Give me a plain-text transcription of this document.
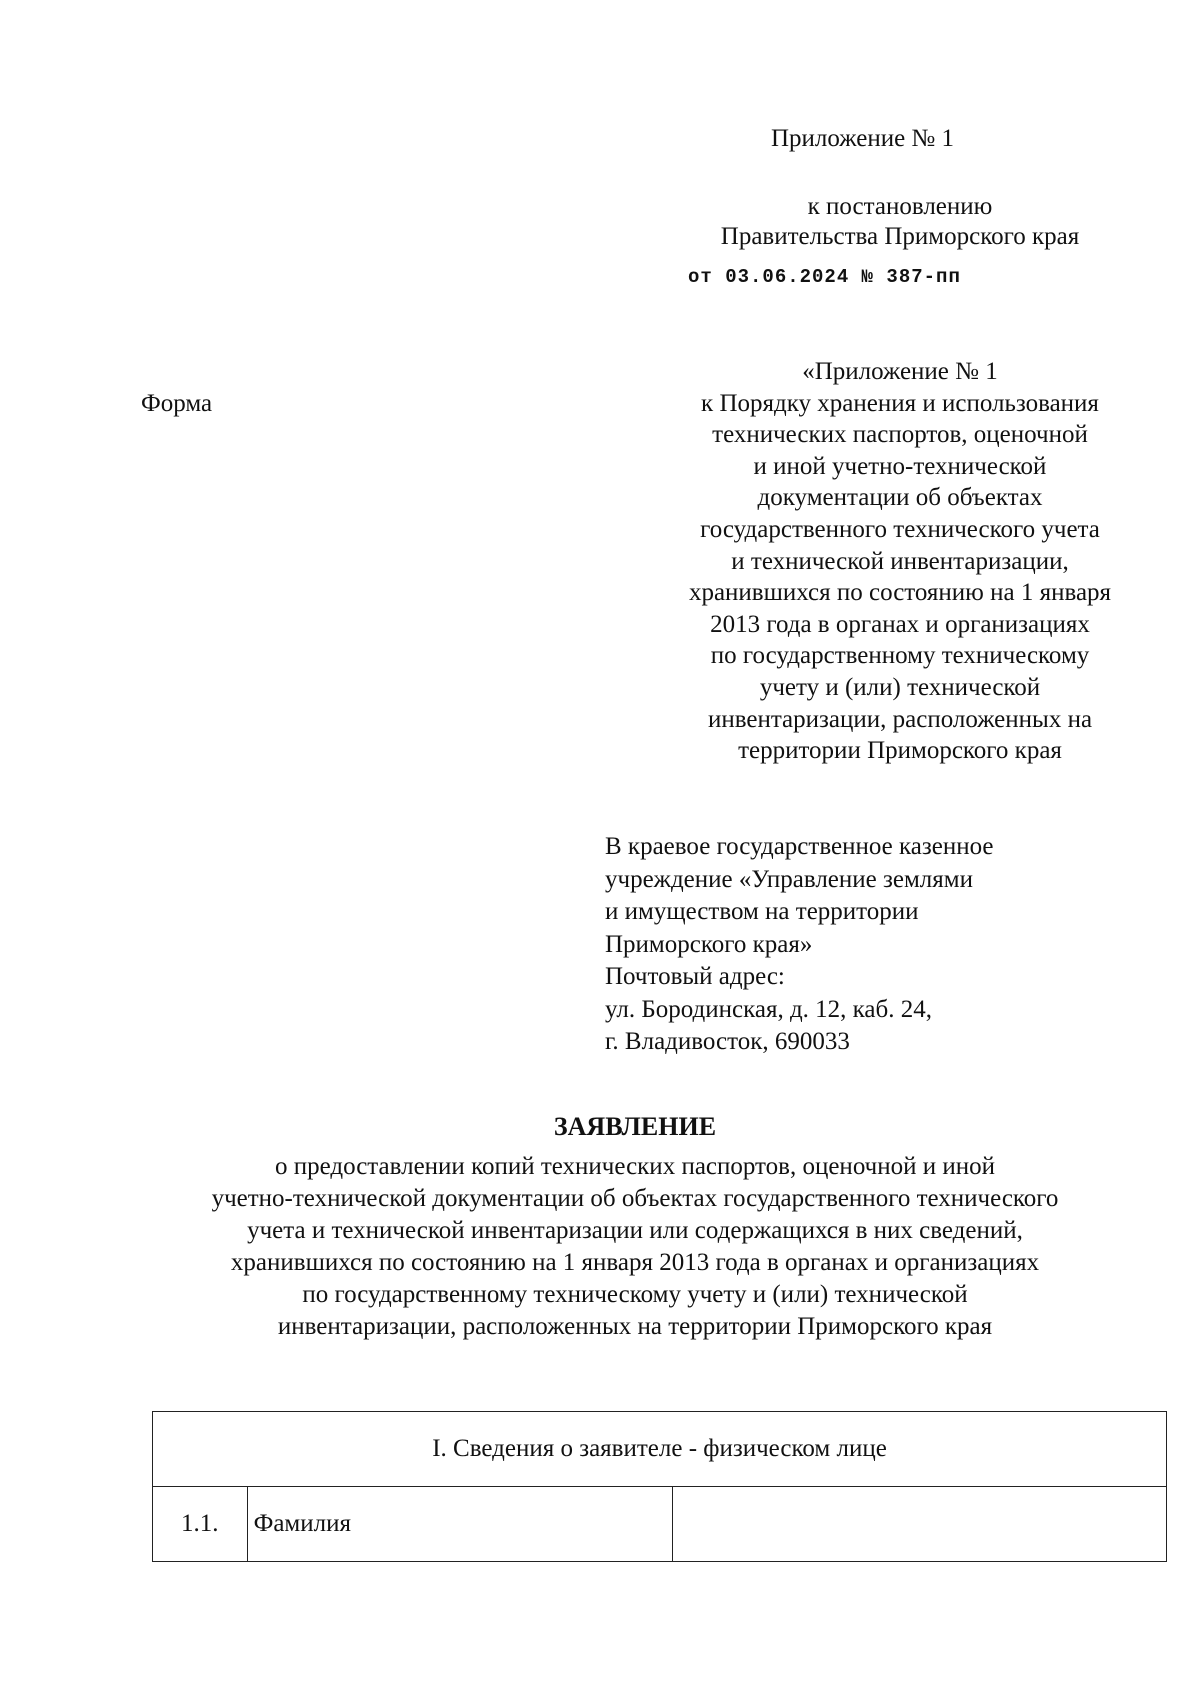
Приложение № 1
к постановлению
Правительства Приморского края
от 03.06.2024 № 387-пп
Форма
«Приложение № 1
к Порядку хранения и использования
технических паспортов, оценочной
и иной учетно-технической
документации об объектах
государственного технического учета
и технической инвентаризации,
хранившихся по состоянию на 1 января
2013 года в органах и организациях
по государственному техническому
учету и (или) технической
инвентаризации, расположенных на
территории Приморского края
В краевое государственное казенное
учреждение «Управление землями
и имуществом на территории
Приморского края»
Почтовый адрес:
ул. Бородинская, д. 12, каб. 24,
г. Владивосток, 690033
ЗАЯВЛЕНИЕ
о предоставлении копий технических паспортов, оценочной и иной
учетно-технической документации об объектах государственного технического
учета и технической инвентаризации или содержащихся в них сведений,
хранившихся по состоянию на 1 января 2013 года в органах и организациях
по государственному техническому учету и (или) технической
инвентаризации, расположенных на территории Приморского края
I. Сведения о заявителе - физическом лице
1.1.	Фамилия	
